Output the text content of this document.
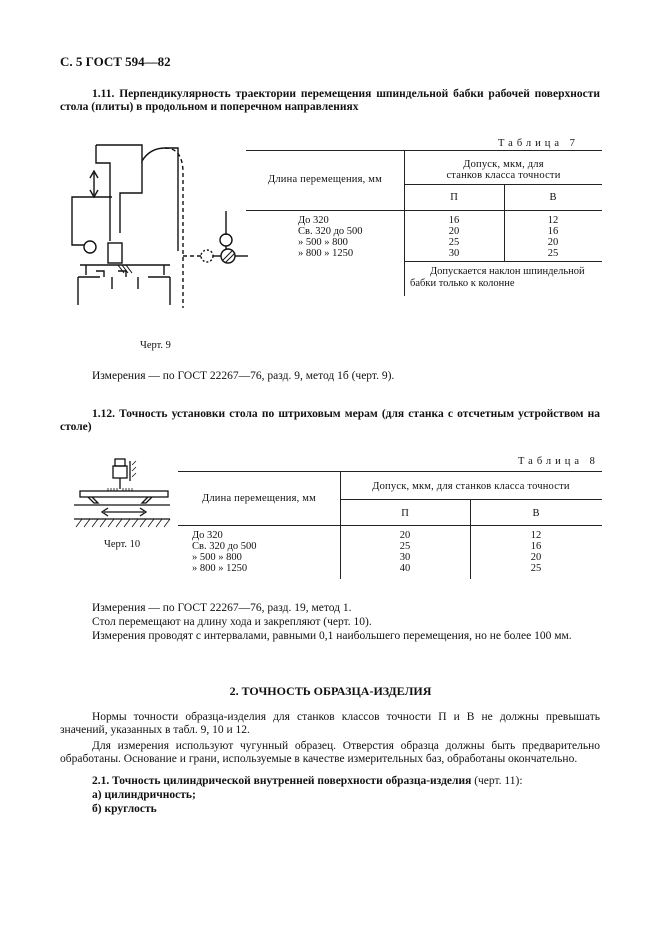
С. 5 ГОСТ 594—82
1.11. Перпендикулярность траектории перемещения шпиндельной бабки рабочей поверхности стола (плиты) в продольном и поперечном направлениях
Черт. 9
Таблица 7
Длина перемещения, мм
Допуск, мкм, для станков класса точности
П	В
До 320
Св. 320 до 500
» 500 » 800
» 800 » 1250
16
20
25
30
12
16
20
25
Допускается наклон шпиндельной бабки только к колонне
Измерения — по ГОСТ 22267—76, разд. 9, метод 1б (черт. 9).
1.12. Точность установки стола по штриховым мерам (для станка с отсчетным устройством на столе)
Черт. 10
Таблица 8
Длина перемещения, мм
Допуск, мкм, для станков класса точности
П	В
До 320
Св. 320 до 500
» 500 » 800
» 800 » 1250
20
25
30
40
12
16
20
25
Измерения — по ГОСТ 22267—76, разд. 19, метод 1.
Стол перемещают на длину хода и закрепляют (черт. 10).
Измерения проводят с интервалами, равными 0,1 наибольшего перемещения, но не более 100 мм.
2. ТОЧНОСТЬ ОБРАЗЦА-ИЗДЕЛИЯ
Нормы точности образца-изделия для станков классов точности П и В не должны превышать значений, указанных в табл. 9, 10 и 12.
Для измерения используют чугунный образец. Отверстия образца должны быть предварительно обработаны. Основание и грани, используемые в качестве измерительных баз, обработаны окончательно.
2.1. Точность цилиндрической внутренней поверхности образца-изделия (черт. 11):
а) цилиндричность;
б) круглость
